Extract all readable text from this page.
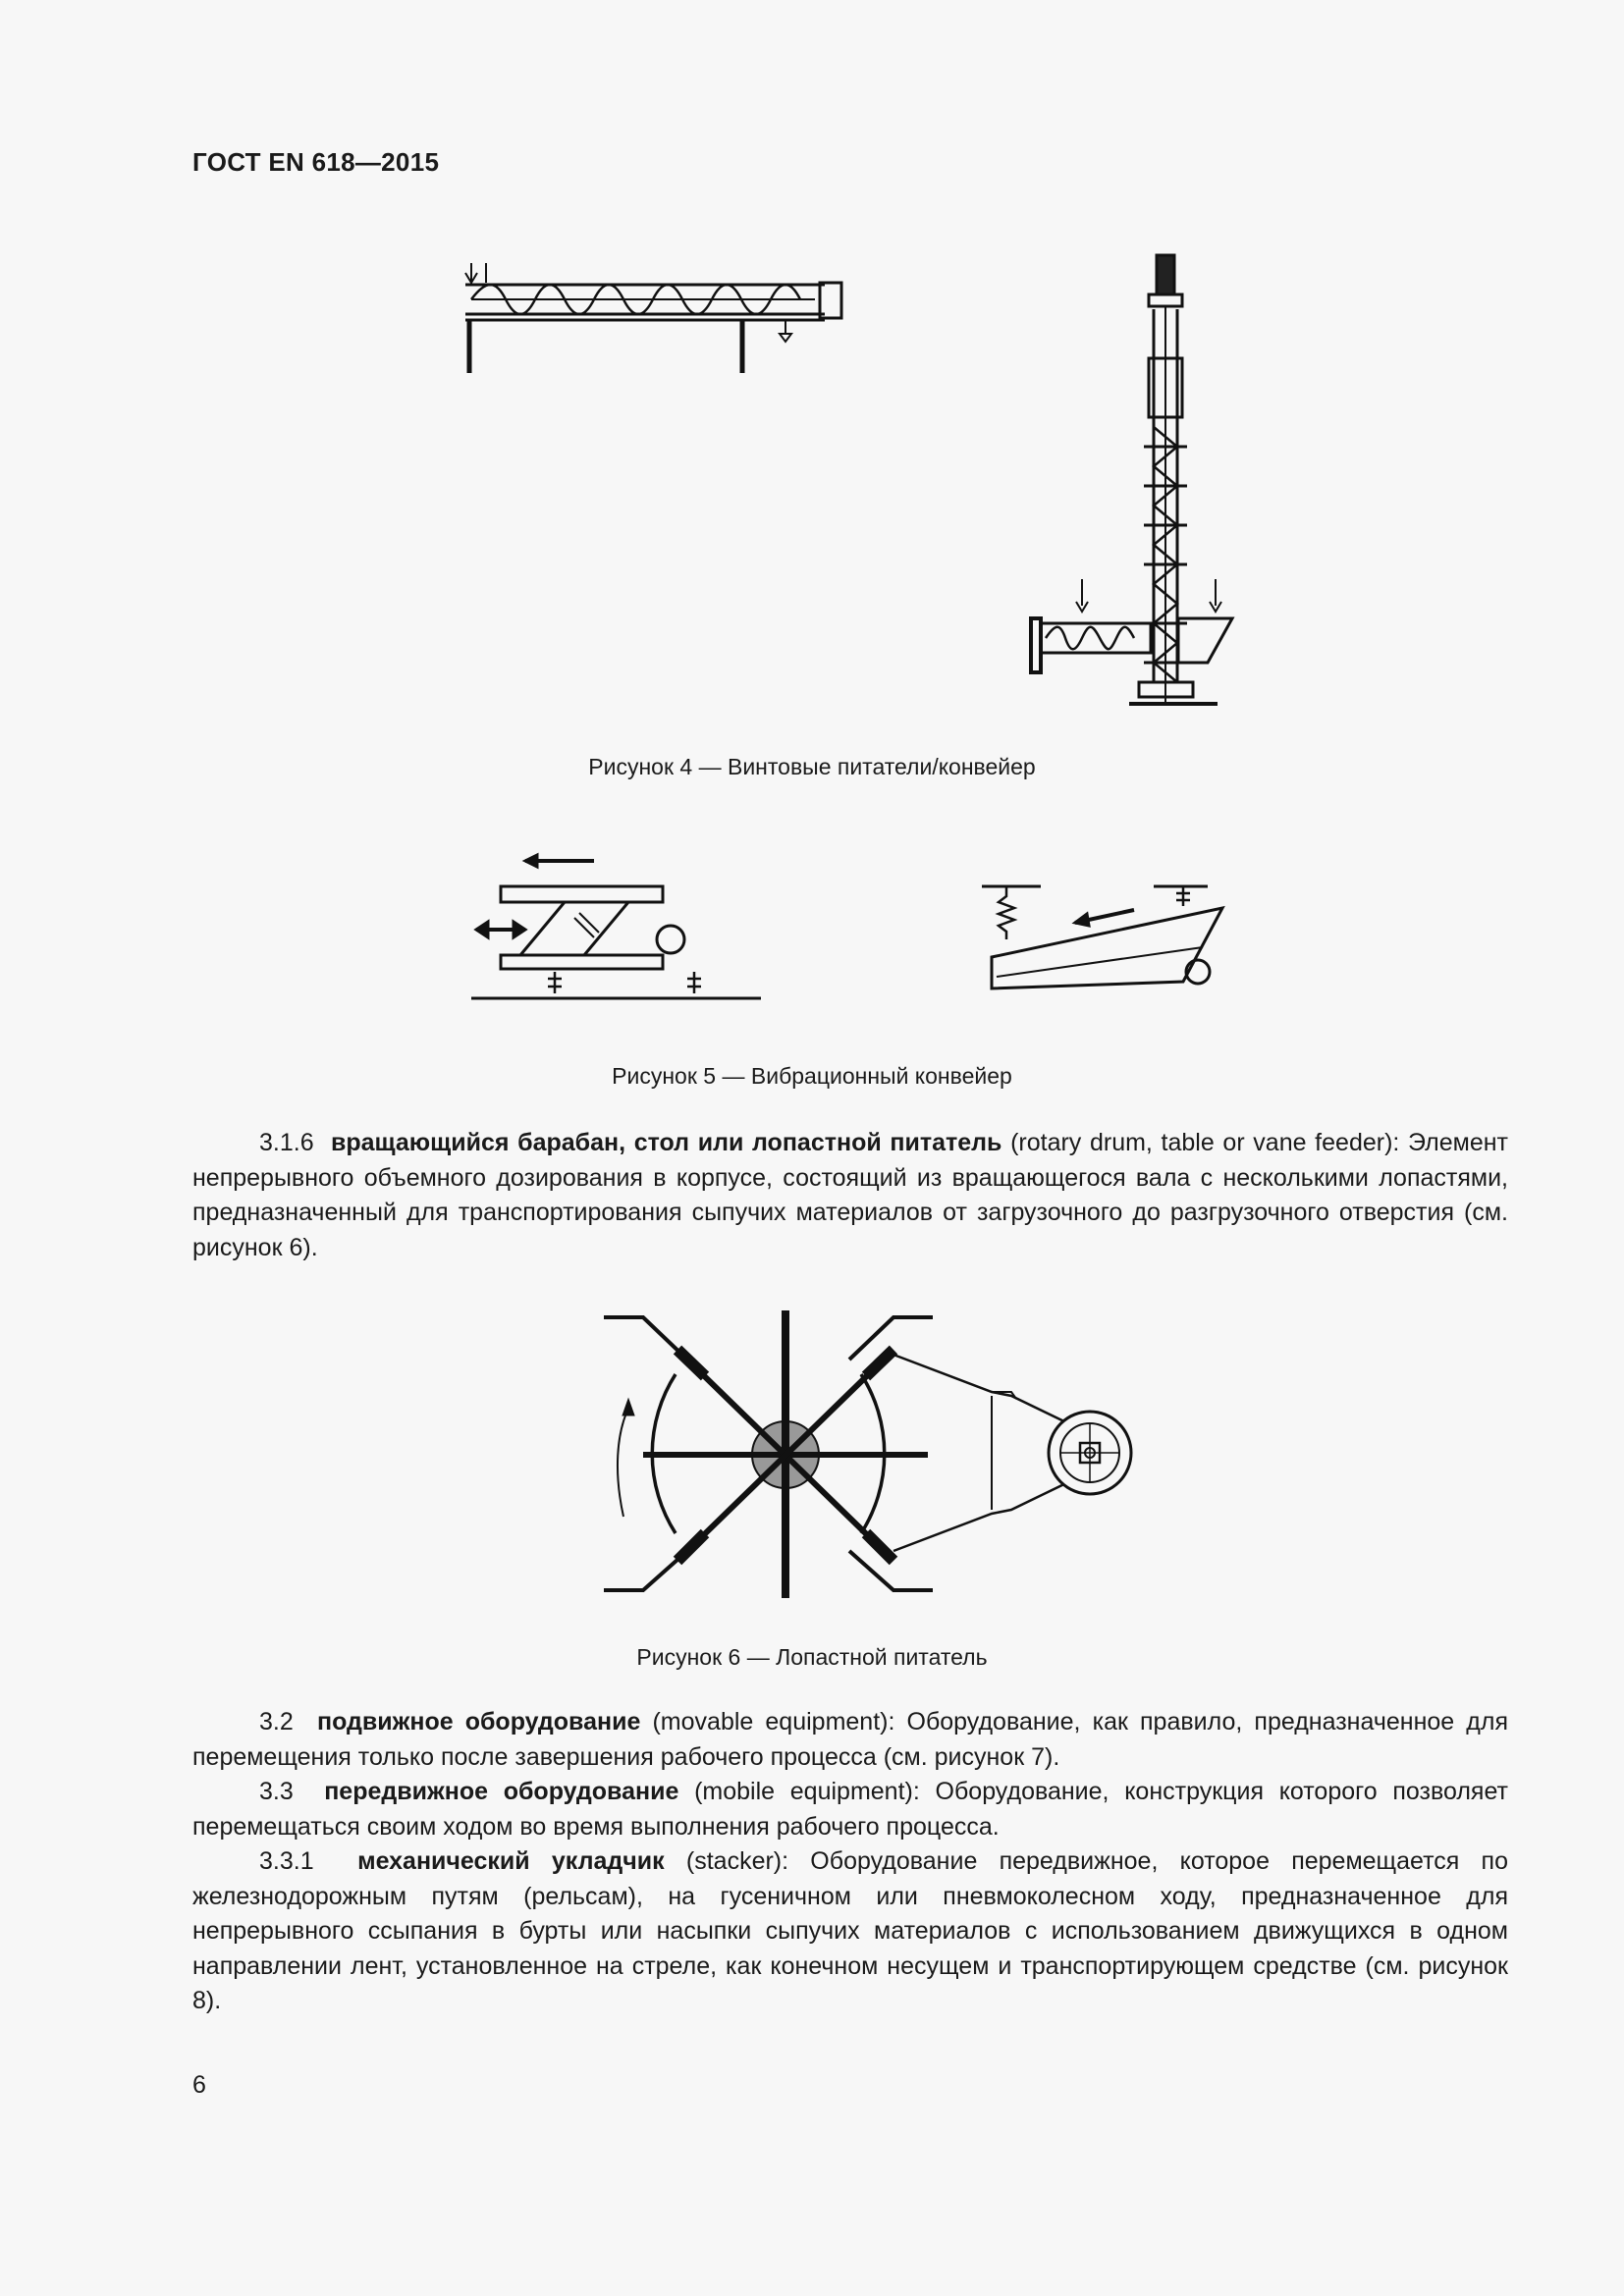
ГОСТ EN 618—2015
Рисунок 4 — Винтовые питатели/конвейер
Рисунок 5 — Вибрационный конвейер
3.1.6 вращающийся барабан, стол или лопастной питатель (rotary drum, table or vane feeder): Элемент непрерывного объемного дозирования в корпусе, состоящий из вращающегося вала с несколькими лопастями, предназначенный для транспортирования сыпучих материалов от загрузочного до разгрузочного отверстия (см. рисунок 6).
Рисунок 6 — Лопастной питатель
3.2 подвижное оборудование (movable equipment): Оборудование, как правило, предназначенное для перемещения только после завершения рабочего процесса (см. рисунок 7).
3.3 передвижное оборудование (mobile equipment): Оборудование, конструкция которого позволяет перемещаться своим ходом во время выполнения рабочего процесса.
3.3.1 механический укладчик (stacker): Оборудование передвижное, которое перемещается по железнодорожным путям (рельсам), на гусеничном или пневмоколесном ходу, предназначенное для непрерывного ссыпания в бурты или насыпки сыпучих материалов с использованием движущихся в одном направлении лент, установленное на стреле, как конечном несущем и транспортирующем средстве (см. рисунок 8).
6
